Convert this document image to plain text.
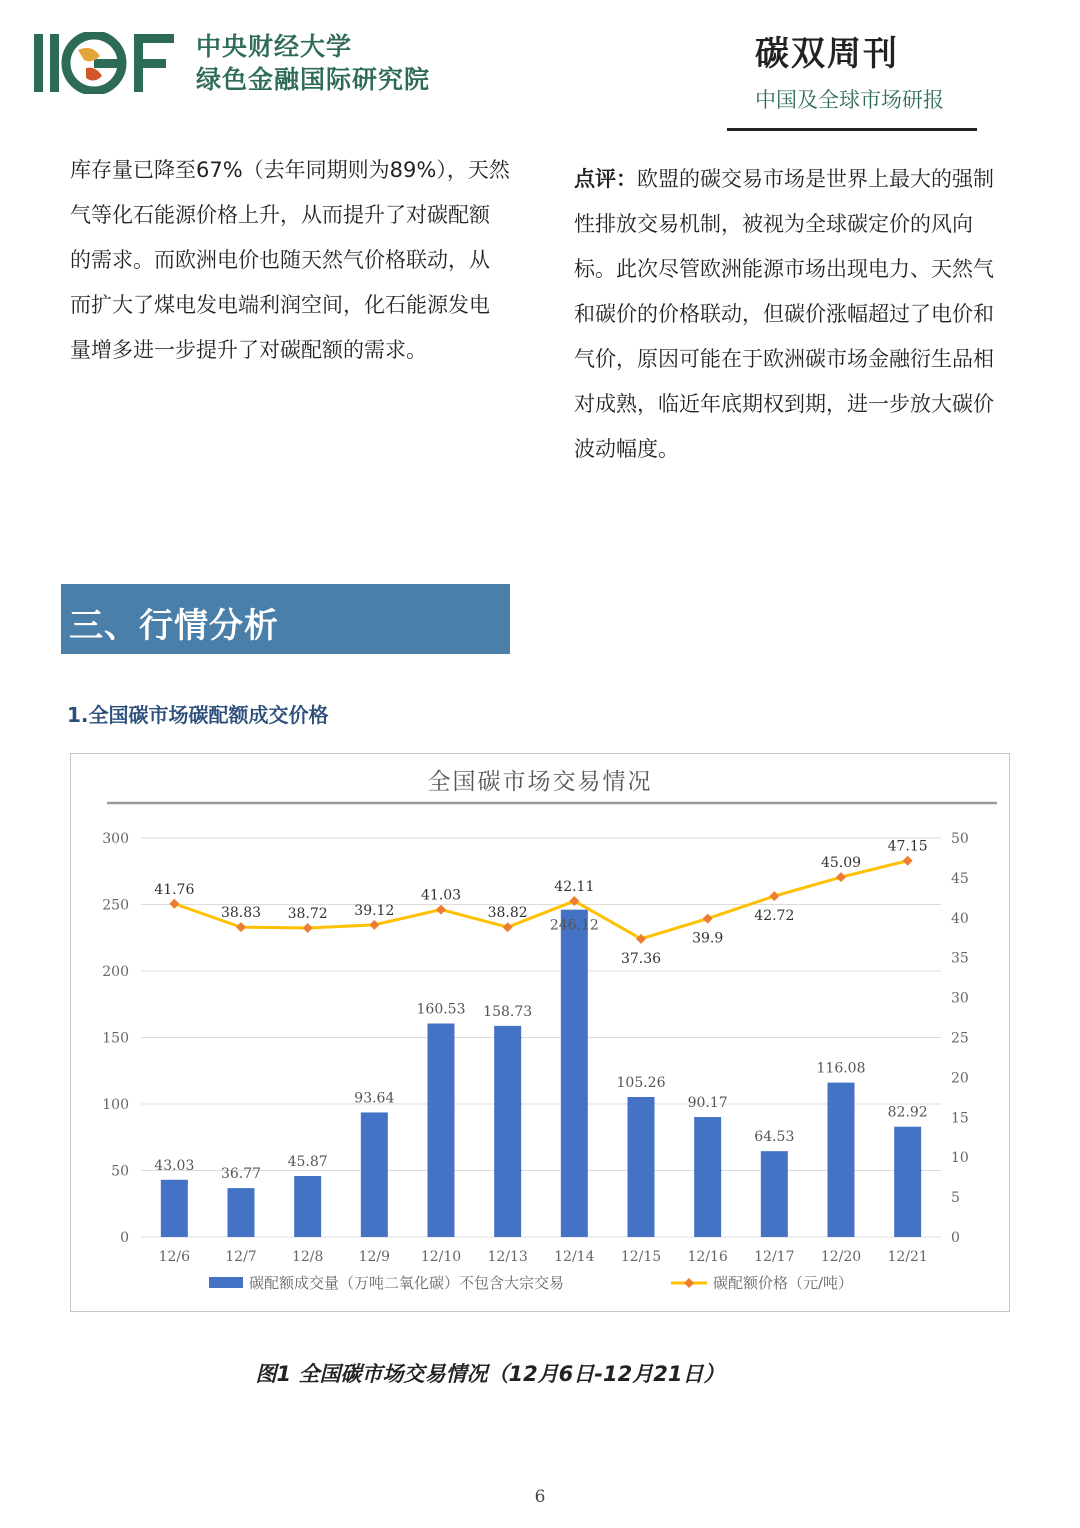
中央财经大学
绿色金融国际研究院
碳双周刊
中国及全球市场研报
库存量已降至67%（去年同期则为89%），天然气等化石能源价格上升，从而提升了对碳配额的需求。而欧洲电价也随天然气价格联动，从而扩大了煤电发电端利润空间，化石能源发电量增多进一步提升了对碳配额的需求。
点评：欧盟的碳交易市场是世界上最大的强制性排放交易机制，被视为全球碳定价的风向标。此次尽管欧洲能源市场出现电力、天然气和碳价的价格联动，但碳价涨幅超过了电价和气价，原因可能在于欧洲碳市场金融衍生品相对成熟，临近年底期权到期，进一步放大碳价波动幅度。
三、行情分析
1.全国碳市场碳配额成交价格
全国碳市场交易情况
0
50
100
150
200
250
300
0
5
10
15
20
25
30
35
40
45
50
12/6	12/7	12/8	12/9 12/10 12/13 12/14 12/15 12/16 12/17 12/20 12/21
43.03
36.77
45.87
93.64
160.53 158.73
246.12
105.26
90.17
64.53
116.08
82.92
41.76
38.83 38.72 39.12
41.03
38.82
42.11
37.36
39.9
42.72
45.09
47.15
碳配额成交量（万吨二氧化碳）不包含大宗交易	碳配额价格（元/吨）
图1 全国碳市场交易情况（12月6日-12月21日）
6
